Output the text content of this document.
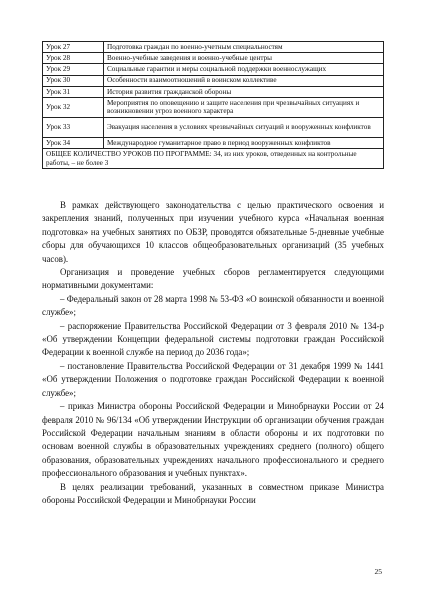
Урок 27	Подготовка граждан по военно-учетным специальностям
Урок 28	Военно-учебные заведения и военно-учебные центры
Урок 29	Социальные гарантии и меры социальной поддержки военнослужащих
Урок 30	Особенности взаимоотношений в воинском коллективе
Урок 31	История развития гражданской обороны
Урок 32	Мероприятия по оповещению и защите населения при чрезвычайных ситуациях и возникновении угроз военного характера
Урок 33	Эвакуация населения в условиях чрезвычайных ситуаций и вооруженных конфликтов
Урок 34	Международное гуманитарное право в период вооруженных конфликтов
ОБЩЕЕ КОЛИЧЕСТВО УРОКОВ ПО ПРОГРАММЕ: 34, из них уроков, отведенных на контрольные работы, – не более 3	

В рамках действующего законодательства с целью практического освоения и закрепления знаний, полученных при изучении учебного курса «Начальная военная подготовка» на учебных занятиях по ОБЗР, проводятся обязательные 5-дневные учебные сборы для обучающихся 10 классов общеобразовательных организаций (35 учебных часов).

Организация и проведение учебных сборов регламентируется следующими нормативными документами:

– Федеральный закон от 28 марта 1998 № 53-ФЗ «О воинской обязанности и военной службе»;

– распоряжение Правительства Российской Федерации от 3 февраля 2010 № 134-р «Об утверждении Концепции федеральной системы подготовки граждан Российской Федерации к военной службе на период до 2036 года»;

– постановление Правительства Российской Федерации от 31 декабря 1999 № 1441 «Об утверждении Положения о подготовке граждан Российской Федерации к военной службе»;

– приказ Министра обороны Российской Федерации и Минобрнауки России от 24 февраля 2010 № 96/134 «Об утверждении Инструкции об организации обучения граждан Российской Федерации начальным знаниям в области обороны и их подготовки по основам военной службы в образовательных учреждениях среднего (полного) общего образования, образовательных учреждениях начального профессионального и среднего профессионального образования и учебных пунктах».

В целях реализации требований, указанных в совместном приказе Министра обороны Российской Федерации и Минобрнауки России

25
